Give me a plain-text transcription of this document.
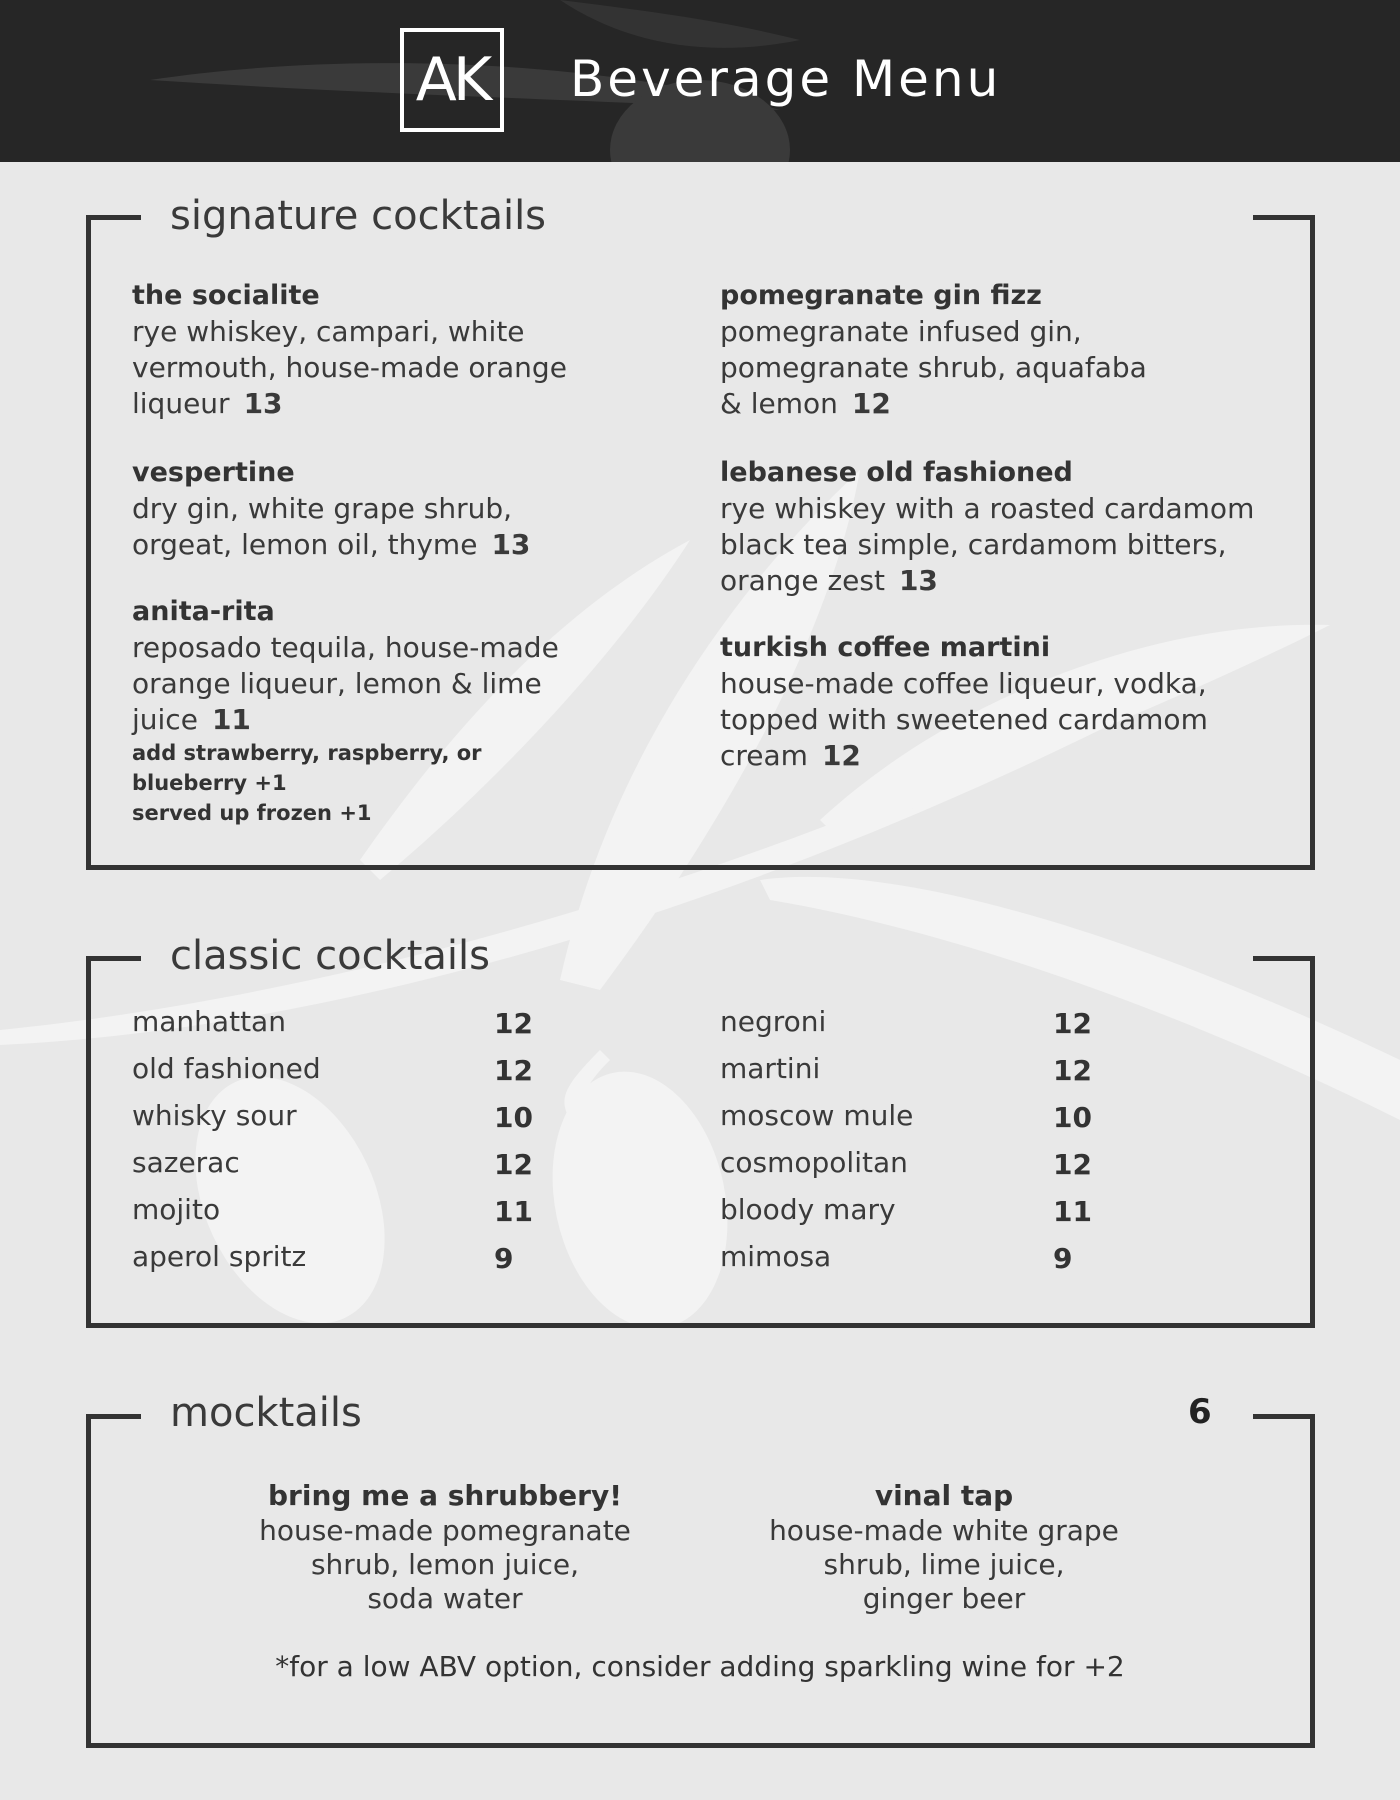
AK	Beverage Menu
signature cocktails
the socialite
rye whiskey, campari, white vermouth, house-made orange liqueur 13
vespertine
dry gin, white grape shrub, orgeat, lemon oil, thyme 13
anita-rita
reposado tequila, house-made orange liqueur, lemon & lime juice 11
add strawberry, raspberry, or blueberry +1
served up frozen +1
pomegranate gin fizz
pomegranate infused gin, pomegranate shrub, aquafaba & lemon 12
lebanese old fashioned
rye whiskey with a roasted cardamom black tea simple, cardamom bitters, orange zest 13
turkish coffee martini
house-made coffee liqueur, vodka, topped with sweetened cardamom cream 12
classic cocktails
manhattan	12
old fashioned	12
whisky sour	10
sazerac	12
mojito	11
aperol spritz	9
negroni	12
martini	12
moscow mule	10
cosmopolitan	12
bloody mary	11
mimosa	9
mocktails	6
bring me a shrubbery!
house-made pomegranate
shrub, lemon juice,
soda water
vinal tap
house-made white grape
shrub, lime juice,
ginger beer
*for a low ABV option, consider adding sparkling wine for +2
